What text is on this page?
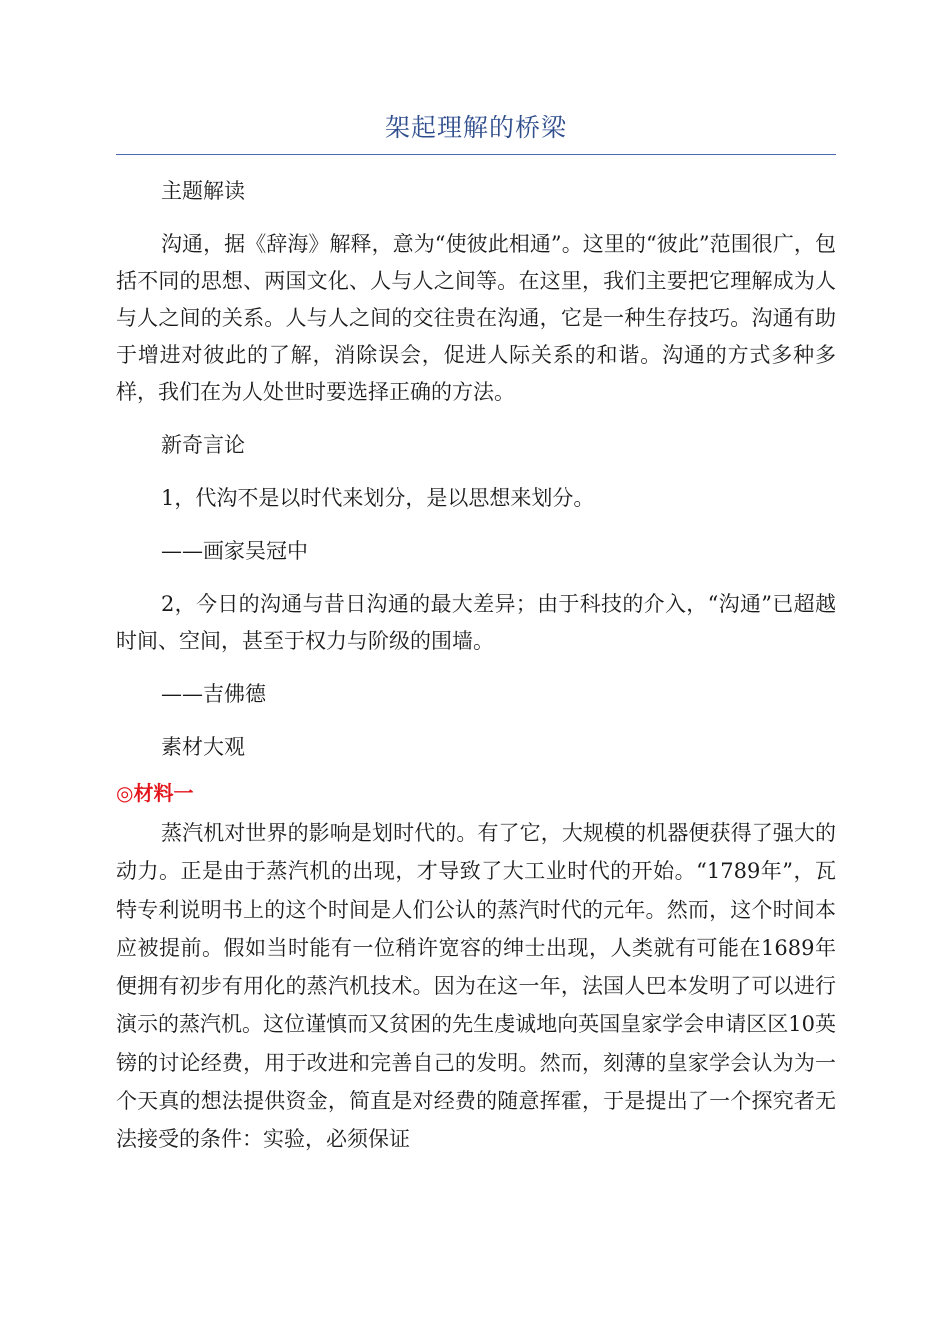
架起理解的桥梁

主题解读

沟通，据《辞海》解释，意为“使彼此相通”。这里的“彼此”范围很广，包括不同的思想、两国文化、人与人之间等。在这里，我们主要把它理解成为人与人之间的关系。人与人之间的交往贵在沟通，它是一种生存技巧。沟通有助于增进对彼此的了解，消除误会，促进人际关系的和谐。沟通的方式多种多样，我们在为人处世时要选择正确的方法。

新奇言论

1，代沟不是以时代来划分，是以思想来划分。

——画家吴冠中

2，今日的沟通与昔日沟通的最大差异；由于科技的介入，“沟通”已超越时间、空间，甚至于权力与阶级的围墙。

——吉佛德

素材大观

◎材料一

蒸汽机对世界的影响是划时代的。有了它，大规模的机器便获得了强大的动力。正是由于蒸汽机的出现，才导致了大工业时代的开始。“1789年”，瓦特专利说明书上的这个时间是人们公认的蒸汽时代的元年。然而，这个时间本应被提前。假如当时能有一位稍许宽容的绅士出现，人类就有可能在1689年便拥有初步有用化的蒸汽机技术。因为在这一年，法国人巴本发明了可以进行演示的蒸汽机。这位谨慎而又贫困的先生虔诚地向英国皇家学会申请区区10英镑的讨论经费，用于改进和完善自己的发明。然而，刻薄的皇家学会认为为一个天真的想法提供资金，简直是对经费的随意挥霍，于是提出了一个探究者无法接受的条件：实验，必须保证
